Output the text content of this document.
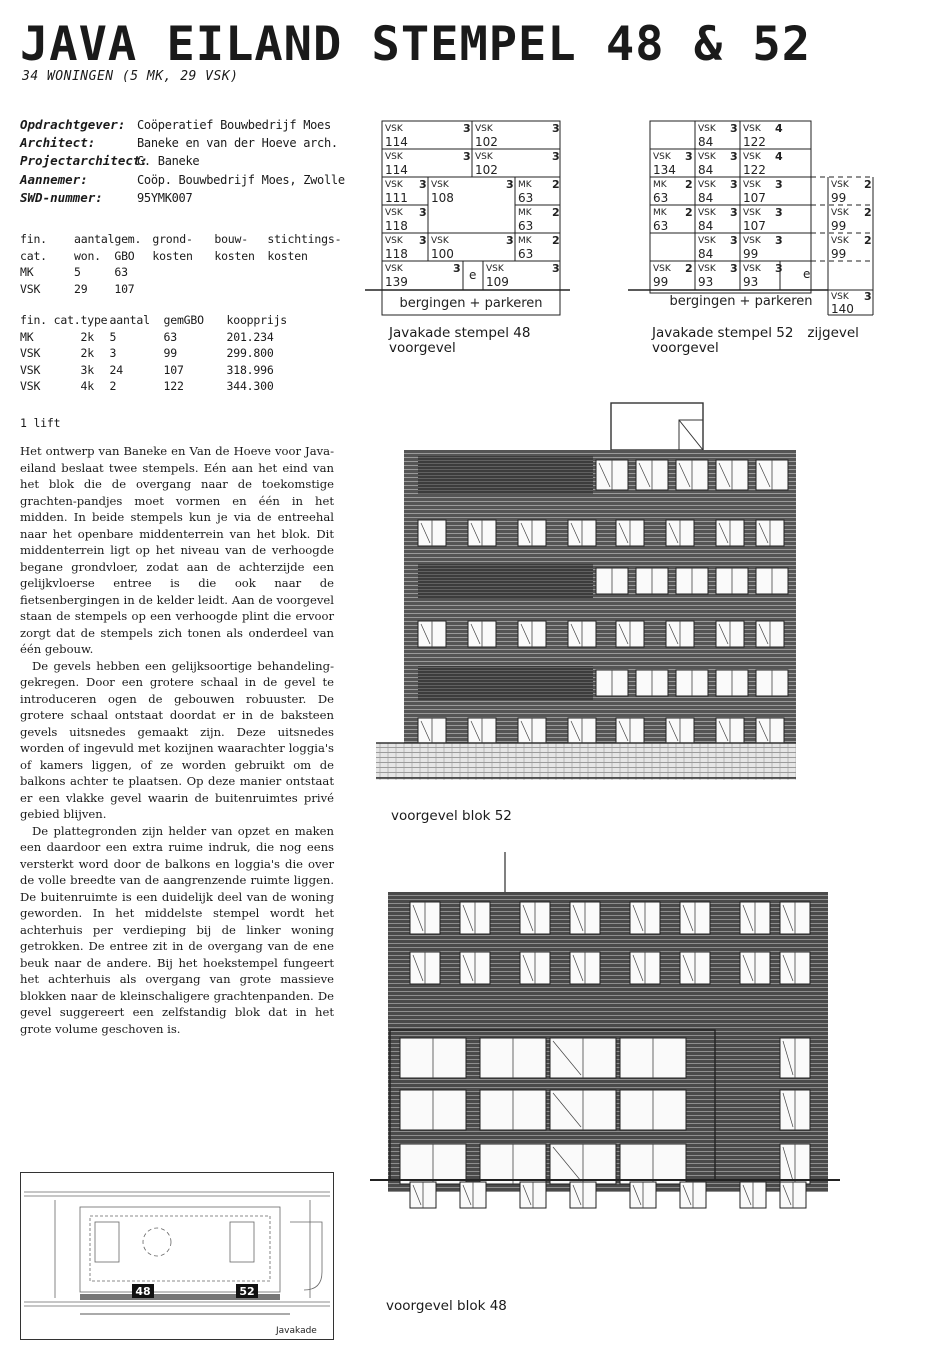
JAVA EILAND STEMPEL 48 & 52
34 WONINGEN (5 MK, 29 VSK)
Opdrachtgever: Coöperatief Bouwbedrijf Moes
Architect:	Baneke en van der Hoeve arch.
Projectarchitect:G. Baneke
Aannemer:	Coöp. Bouwbedrijf Moes, Zwolle
SWD-nummer:	95YMK007
fin.	aantal	gem.	grond-	bouw-	stichtings-
cat.	won.	GBO	kosten	kosten	kosten
MK	5	63			
VSK	29	107			
fin. cat.	type	aantal	gemGBO	koopprijs
MK	2k	5	63	201.234
VSK	2k	3	99	299.800
VSK	3k	24	107	318.996
VSK	4k	2	122	344.300
1 lift

Het ontwerp van Baneke en Van de Hoeve voor Java-eiland beslaat twee stempels. Eén aan het eind van het blok die de overgang naar de toekomstige grachten-pandjes moet vormen en één in het midden. In beide stempels kun je via de entreehal naar het openbare middenterrein van het blok. Dit middenterrein ligt op het niveau van de verhoogde begane grondvloer, zodat aan de achterzijde een gelijkvloerse entree is die ook naar de fietsenbergingen in de kelder leidt. Aan de voorgevel staan de stempels op een verhoogde plint die ervoor zorgt dat de stempels zich tonen als onderdeel van één gebouw.

De gevels hebben een gelijksoortige behandeling-gekregen. Door een grotere schaal in de gevel te introduceren ogen de gebouwen robuuster. De grotere schaal ontstaat doordat er in de baksteen gevels uitsnedes gemaakt zijn. Deze uitsnedes worden of ingevuld met kozijnen waarachter loggia's of kamers liggen, of ze worden gebruikt om de balkons achter te plaatsen. Op deze manier ontstaat er een vlakke gevel waarin de buitenruimtes privé gebied blijven.

De plattegronden zijn helder van opzet en maken een daardoor een extra ruime indruk, die nog eens versterkt word door de balkons en loggia's die over de volle breedte van de aangrenzende ruimte liggen. De buitenruimte is een duidelijk deel van de woning geworden. In het middelste stempel wordt het achterhuis per verdieping bij de linker woning getrokken. De entree zit in de overgang van de ene beuk naar de andere. Bij het hoekstempel fungeert het achterhuis als overgang van grote massieve blokken naar de kleinschaligere grachtenpanden. De gevel suggereert een zelfstandig blok dat in het grote volume geschoven is.

VSK	3
114
VSK	3
102
VSK	3
114
VSK	3
102
VSK 3
111
VSK	3
108
MK 2
63
VSK 3
118
MK 2
63
VSK 3
118
VSK	3
100
MK 2
63
VSK	3
139	e VSK	3
109
bergingen + parkeren
Javakade stempel 48
voorgevel
VSK 3
84
VSK 4
122
VSK 3
134
VSK 3
84
VSK 4
122
MK 2
63
VSK 3
84
VSK 3
107
VSK 2
99
MK 2
63
VSK 3
84
VSK 3
107
VSK 2
99
VSK 3
84
VSK 3
99
VSK 2
99
VSK 2
99
VSK 3
93
VSK 3
93
e
VSK 3
140
bergingen + parkeren
Javakade stempel 52 zijgevel
voorgevel
voorgevel blok 52
voorgevel blok 48
48	52
Javakade
